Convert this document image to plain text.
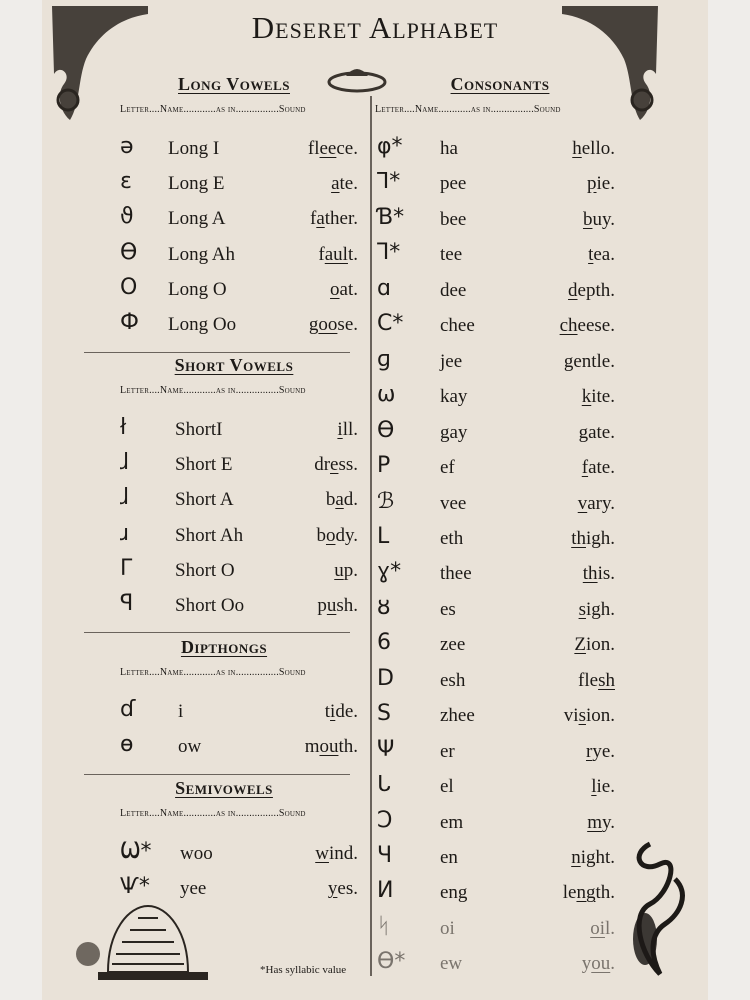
Deseret Alphabet
Long Vowels
Letter....Name............as in................Sound
ə Long I	fleece.
ɛ Long E	ate.
ϑ Long A	father.
ϴ Long Ah	fault.
O Long O	oat.
Ф Long Oo	goose.
Short Vowels
Letter....Name............as in................Sound
ł	ShortI	ill.
ɺ Short E	dress.
ɺ Short A	bad.
ɹ Short Ah	body.
Γ Short O	up.
ꟼ Short Oo	push.
Dipthongs
Letter....Name............as in................Sound
ɗ i	tide.
ɵ ow	mouth.
Semivowels
Letter....Name............as in................Sound
Ѡ* woo	wind.
Ѱ* yee	yes.
Consonants
Letter....Name............as in................Sound
φ* ha	hello.
ꓶ* pee	pie.
Ɓ* bee	buy.
Ꞁ* tee	tea.
ɑ	dee	depth.
C* chee	cheese.
ɡ	jee	gentle.
ω kay	kite.
Ѳ gay	gate.
P	ef	fate.
ℬ vee	vary.
L	eth	thigh.
ɣ* thee	this.
ȣ	es	sigh.
6	zee	Zion.
D esh	flesh
S	zhee	vision.
Ψ er	rye.
ᒐ	el	lie.
Ͻ	em	my.
Ч	en	night.
И eng	length.
ᛋ	oi	oil.
Ѳ* ew	you.
*Has syllabic value
